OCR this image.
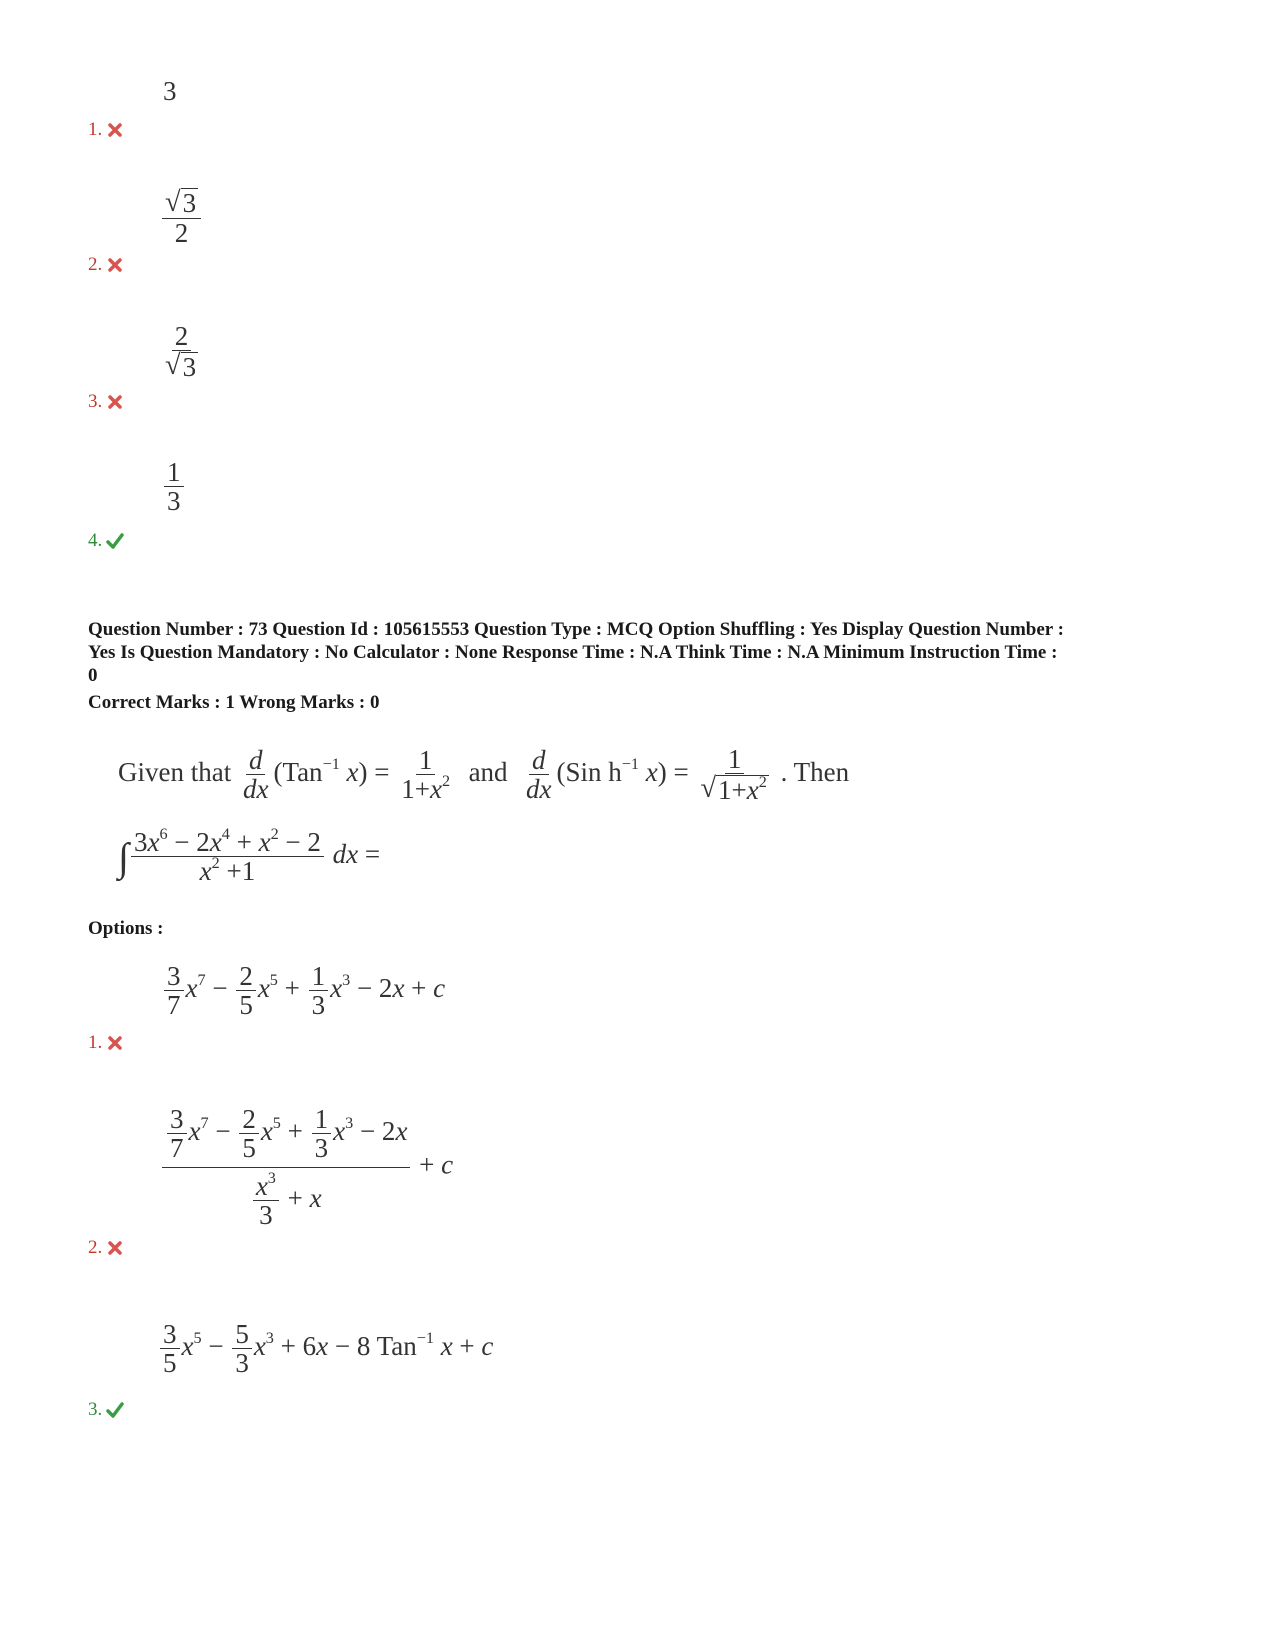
3
1.
$\frac{√ 3}{2}$
2.
$\frac{2}{√ 3}$
3.
$\frac{1}{3}$
4.
Question Number : 73 Question Id : 105615553 Question Type : MCQ Option Shuffling : Yes Display Question Number :
Yes Is Question Mandatory : No Calculator : None Response Time : N.A Think Time : N.A Minimum Instruction Time :
0
Correct Marks : 1 Wrong Marks : 0
Given that $\frac{d}{dx} (Tan^{-1}$ $x) = \frac{1}{1+x^2}$ and $\frac{d}{dx} (Sin$ $h^{-1}$ $x) = \frac{1}{√ 1+x^2}$ . Then
∫ $\frac{3x^6 - 2x^4 + x^2 - 2}{x^2 +1}$ dx =
Options :
$\frac{3}{7} x^7 - \frac{2}{5} x^5 + \frac{1}{3} x^3 - 2x + c$
1.
$\frac{\frac{3}{7} x^7 - \frac{2}{5} x^5 + \frac{1}{3} x^3 - 2x}{\frac{x^3}{3} + x} + c$
2.
$\frac{3}{5} x^5 - \frac{5}{3} x^3 + 6x - 8$ Tan$^{-1}$ x + c
3.
